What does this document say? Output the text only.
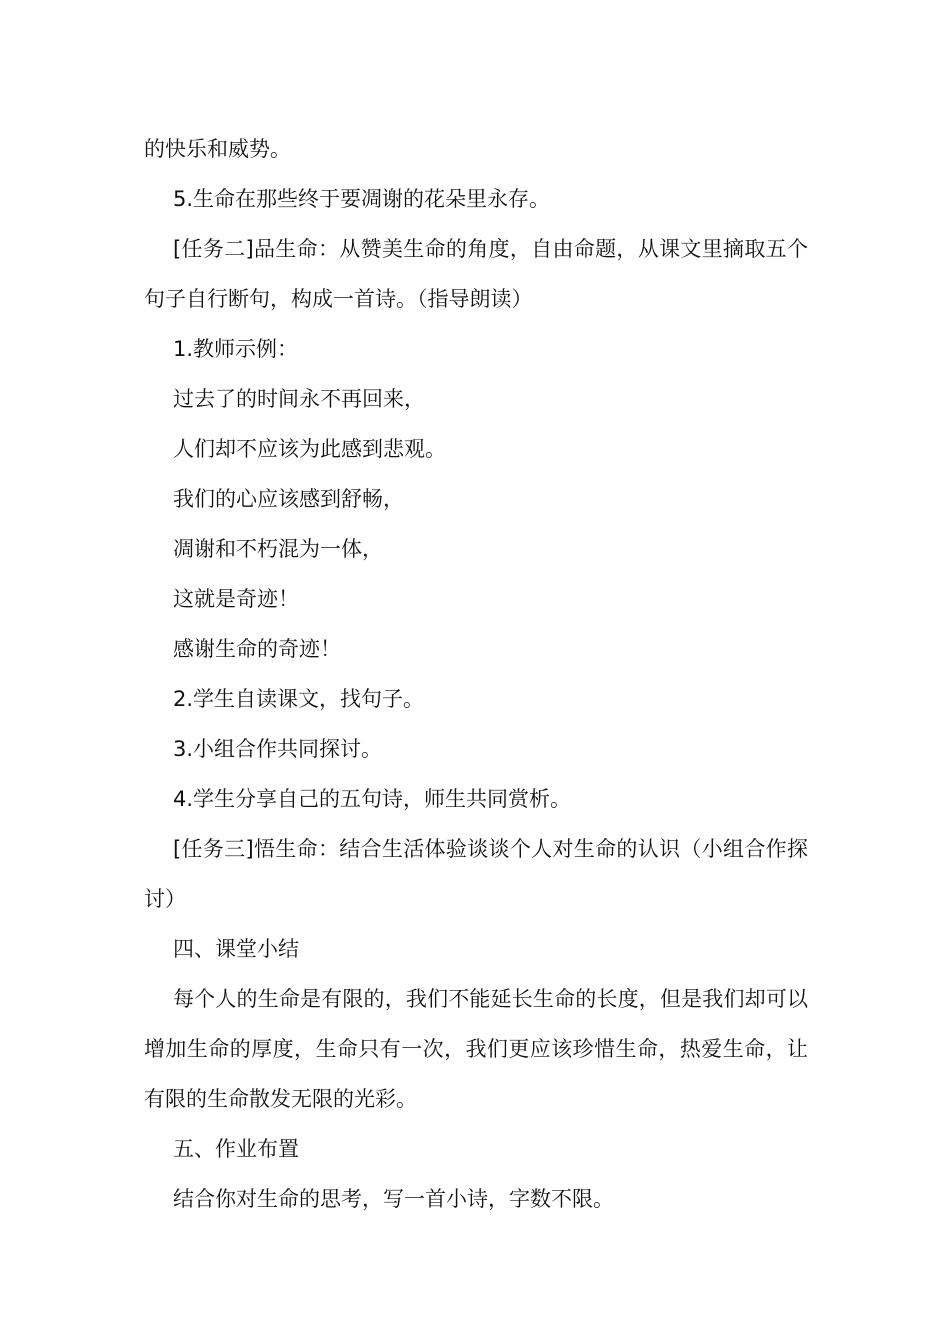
的快乐和威势。

5.生命在那些终于要凋谢的花朵里永存。

[任务二]品生命：从赞美生命的角度，自由命题，从课文里摘取五个句子自行断句，构成一首诗。（指导朗读）

1.教师示例：

过去了的时间永不再回来，

人们却不应该为此感到悲观。

我们的心应该感到舒畅，

凋谢和不朽混为一体，

这就是奇迹！

感谢生命的奇迹！

2.学生自读课文，找句子。

3.小组合作共同探讨。

4.学生分享自己的五句诗，师生共同赏析。

[任务三]悟生命：结合生活体验谈谈个人对生命的认识（小组合作探讨）

四、课堂小结

每个人的生命是有限的，我们不能延长生命的长度，但是我们却可以增加生命的厚度，生命只有一次，我们更应该珍惜生命，热爱生命，让有限的生命散发无限的光彩。

五、作业布置

结合你对生命的思考，写一首小诗，字数不限。
